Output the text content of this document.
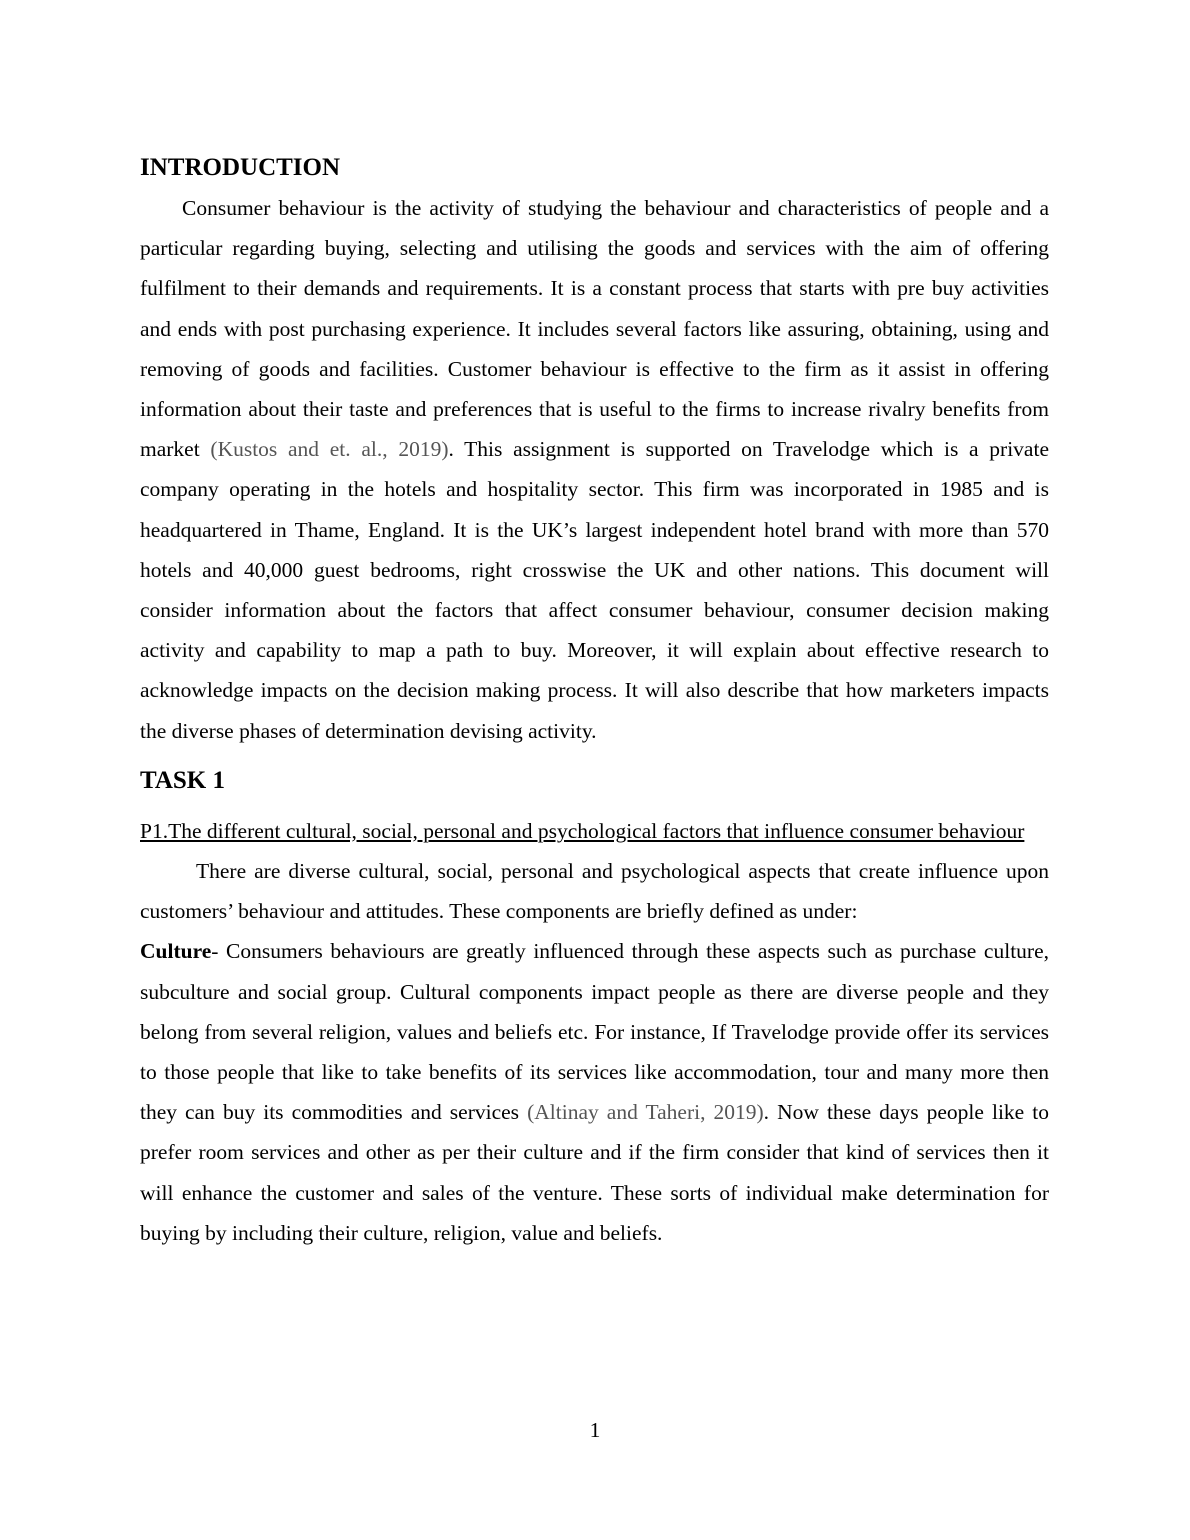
INTRODUCTION

Consumer behaviour is the activity of studying the behaviour and characteristics of people and a particular regarding buying, selecting and utilising the goods and services with the aim of offering fulfilment to their demands and requirements. It is a constant process that starts with pre buy activities and ends with post purchasing experience. It includes several factors like assuring, obtaining, using and removing of goods and facilities. Customer behaviour is effective to the firm as it assist in offering information about their taste and preferences that is useful to the firms to increase rivalry benefits from market (Kustos and et. al., 2019). This assignment is supported on Travelodge which is a private company operating in the hotels and hospitality sector. This firm was incorporated in 1985 and is headquartered in Thame, England. It is the UK’s largest independent hotel brand with more than 570 hotels and 40,000 guest bedrooms, right crosswise the UK and other nations. This document will consider information about the factors that affect consumer behaviour, consumer decision making activity and capability to map a path to buy. Moreover, it will explain about effective research to acknowledge impacts on the decision making process. It will also describe that how marketers impacts the diverse phases of determination devising activity.

TASK 1

P1.The different cultural, social, personal and psychological factors that influence consumer behaviour

There are diverse cultural, social, personal and psychological aspects that create influence upon customers’ behaviour and attitudes. These components are briefly defined as under:

Culture- Consumers behaviours are greatly influenced through these aspects such as purchase culture, subculture and social group. Cultural components impact people as there are diverse people and they belong from several religion, values and beliefs etc. For instance, If Travelodge provide offer its services to those people that like to take benefits of its services like accommodation, tour and many more then they can buy its commodities and services (Altinay and Taheri, 2019). Now these days people like to prefer room services and other as per their culture and if the firm consider that kind of services then it will enhance the customer and sales of the venture. These sorts of individual make determination for buying by including their culture, religion, value and beliefs.

1
